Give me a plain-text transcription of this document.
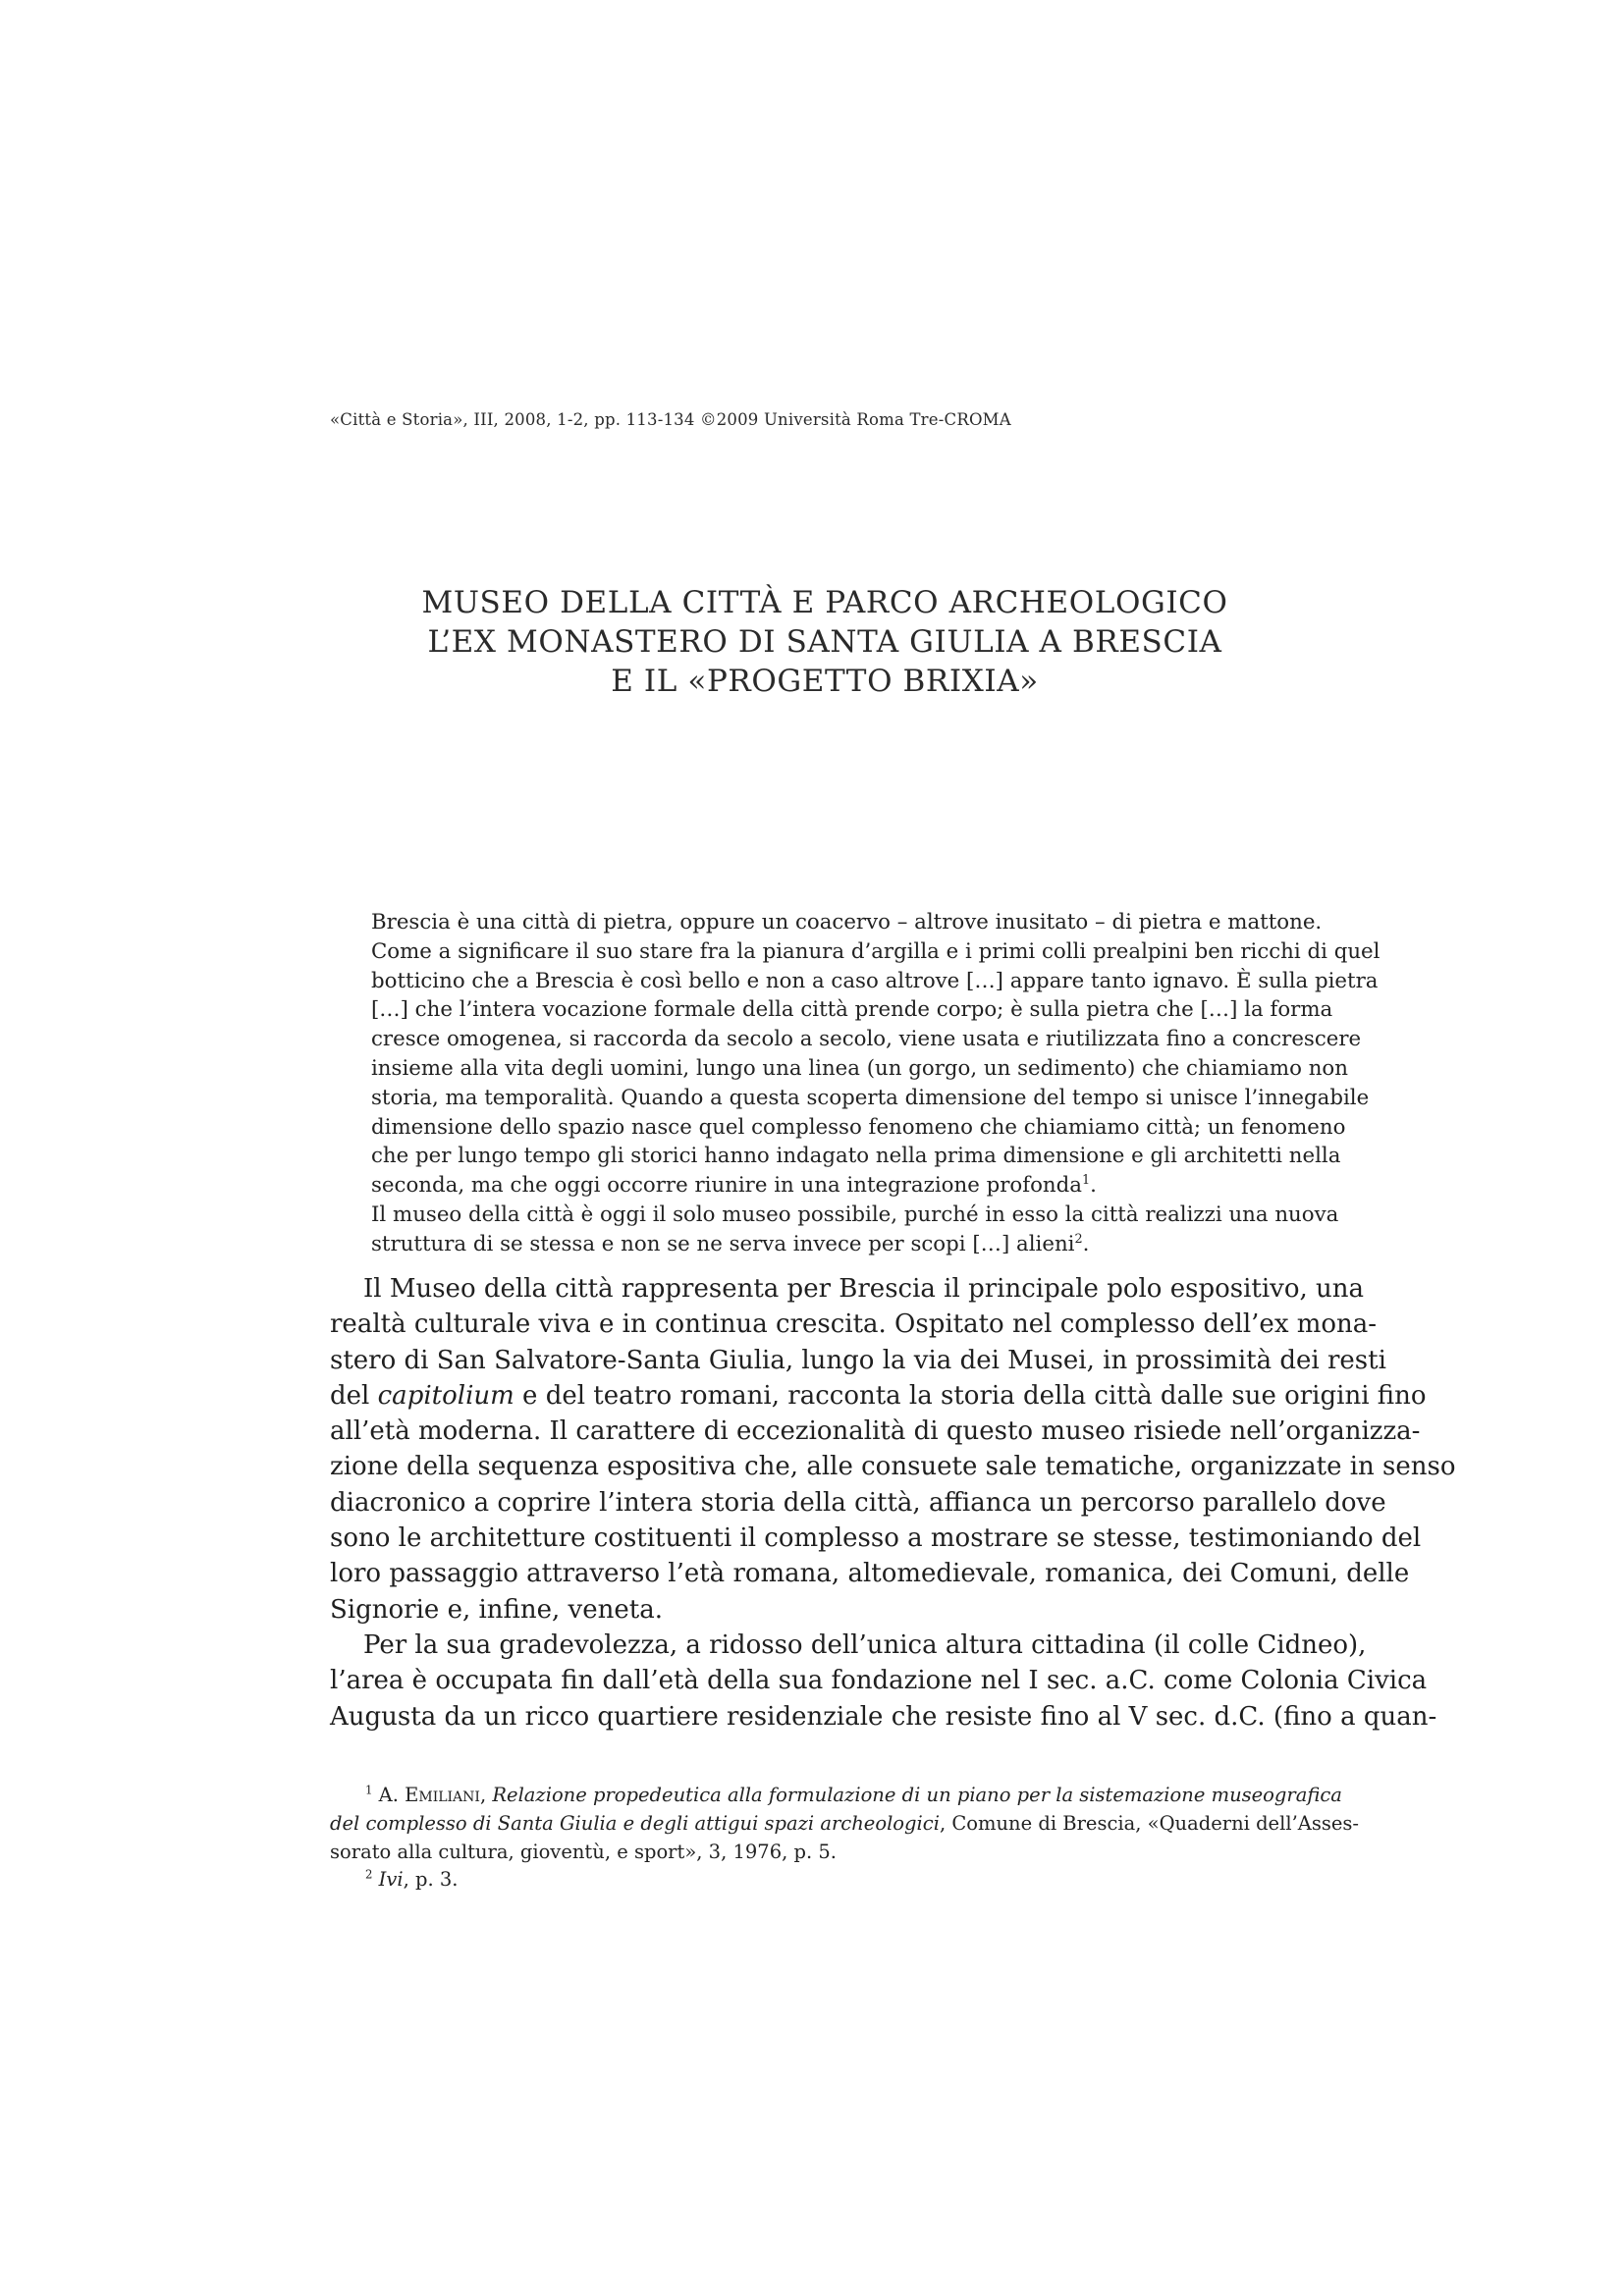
«Città e Storia», III, 2008, 1-2, pp. 113-134 ©2009 Università Roma Tre-CROMA
MUSEO DELLA CITTÀ E PARCO ARCHEOLOGICO
L’EX MONASTERO DI SANTA GIULIA A BRESCIA
E IL «PROGETTO BRIXIA»
Brescia è una città di pietra, oppure un coacervo – altrove inusitato – di pietra e mattone.
Come a significare il suo stare fra la pianura d’argilla e i primi colli prealpini ben ricchi di quel
botticino che a Brescia è così bello e non a caso altrove […] appare tanto ignavo. È sulla pietra
[…] che l’intera vocazione formale della città prende corpo; è sulla pietra che […] la forma
cresce omogenea, si raccorda da secolo a secolo, viene usata e riutilizzata fino a concrescere
insieme alla vita degli uomini, lungo una linea (un gorgo, un sedimento) che chiamiamo non
storia, ma temporalità. Quando a questa scoperta dimensione del tempo si unisce l’innegabile
dimensione dello spazio nasce quel complesso fenomeno che chiamiamo città; un fenomeno
che per lungo tempo gli storici hanno indagato nella prima dimensione e gli architetti nella
seconda, ma che oggi occorre riunire in una integrazione profonda$^1$.
Il museo della città è oggi il solo museo possibile, purché in esso la città realizzi una nuova
struttura di se stessa e non se ne serva invece per scopi […] alieni$^2$.
Il Museo della città rappresenta per Brescia il principale polo espositivo, una
realtà culturale viva e in continua crescita. Ospitato nel complesso dell’ex mona-
stero di San Salvatore-Santa Giulia, lungo la via dei Musei, in prossimità dei resti
del capitolium e del teatro romani, racconta la storia della città dalle sue origini fino
all’età moderna. Il carattere di eccezionalità di questo museo risiede nell’organizza-
zione della sequenza espositiva che, alle consuete sale tematiche, organizzate in senso
diacronico a coprire l’intera storia della città, affianca un percorso parallelo dove
sono le architetture costituenti il complesso a mostrare se stesse, testimoniando del
loro passaggio attraverso l’età romana, altomedievale, romanica, dei Comuni, delle
Signorie e, infine, veneta.
Per la sua gradevolezza, a ridosso dell’unica altura cittadina (il colle Cidneo),
l’area è occupata fin dall’età della sua fondazione nel I sec. a.C. come Colonia Civica
Augusta da un ricco quartiere residenziale che resiste fino al V sec. d.C. (fino a quan-
$^1$ A. Emiliani, Relazione propedeutica alla formulazione di un piano per la sistemazione museografica
del complesso di Santa Giulia e degli attigui spazi archeologici, Comune di Brescia, «Quaderni dell’Asses-
sorato alla cultura, gioventù, e sport», 3, 1976, p. 5.
$^2$ Ivi, p. 3.
